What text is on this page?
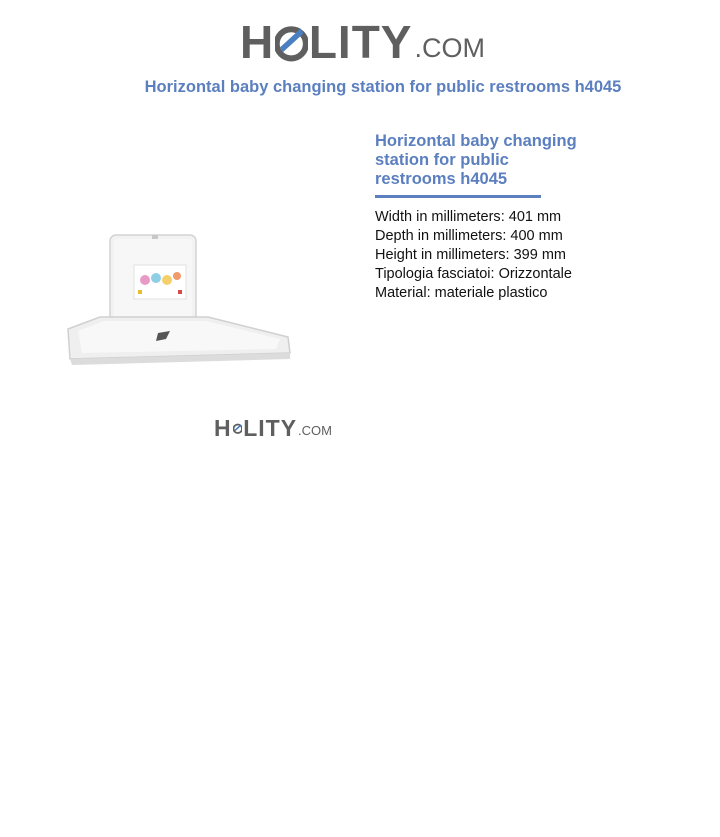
H LITY .COM
Horizontal baby changing station for public restrooms h4045
Horizontal baby changing station for public restrooms h4045
Width in millimeters: 401 mm
Depth in millimeters: 400 mm
Height in millimeters: 399 mm
Tipologia fasciatoi: Orizzontale
Material: materiale plastico
H LITY .COM
